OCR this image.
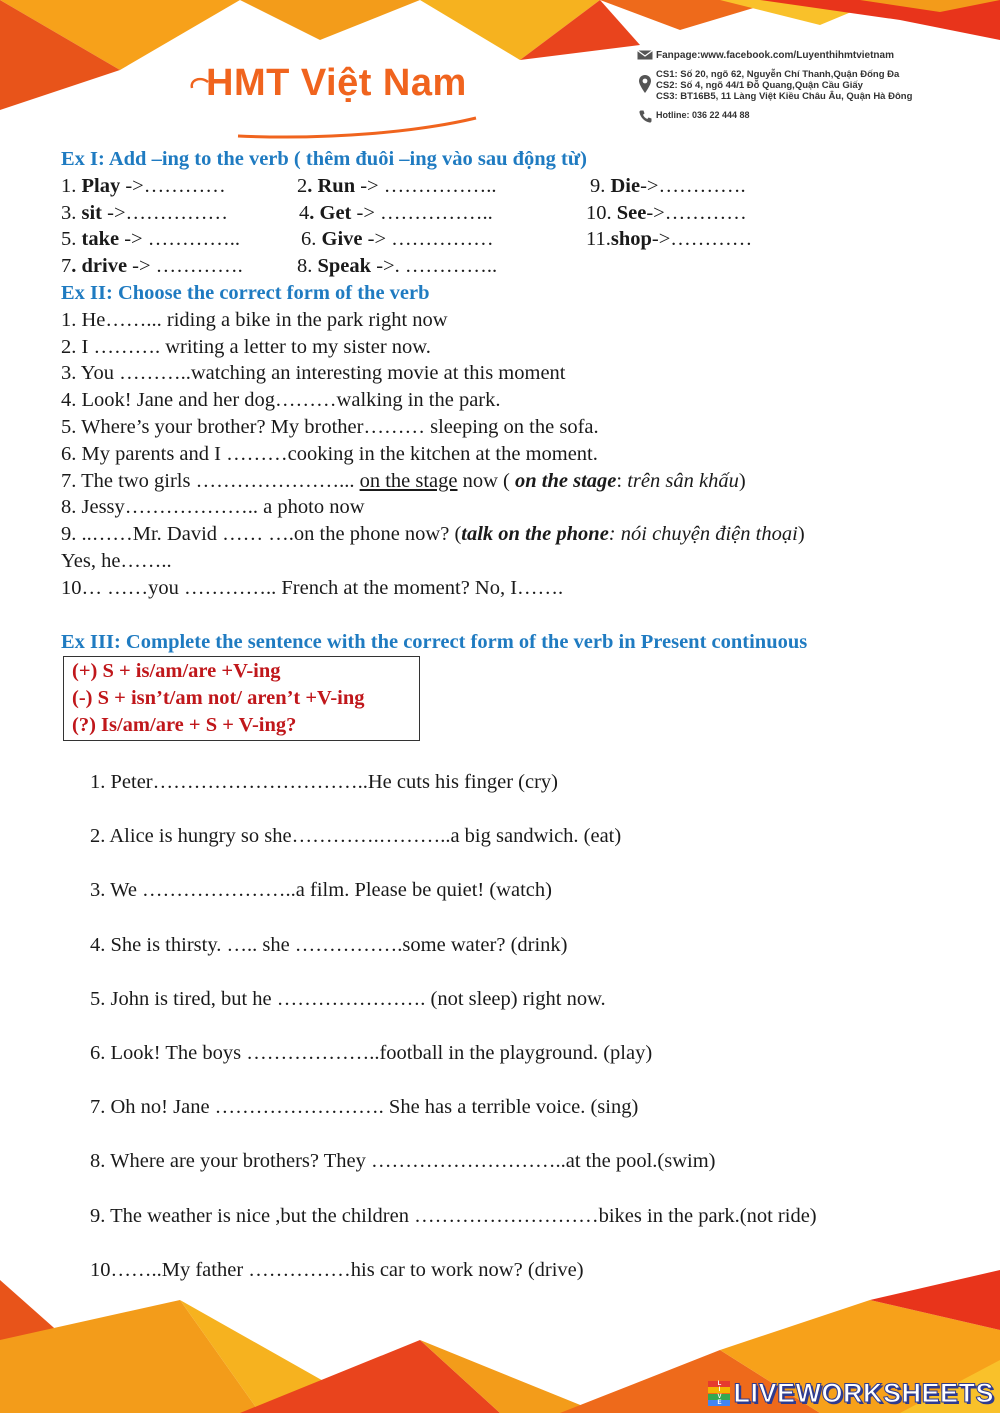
HMT Việt Nam
Fanpage:www.facebook.com/Luyenthihmtvietnam
CS1: Số 20, ngõ 62, Nguyễn Chí Thanh,Quận Đống Đa
CS2: Số 4, ngõ 44/1 Đỗ Quang,Quận Cầu Giấy
CS3: BT16B5, 11 Làng Việt Kiều Châu Âu, Quận Hà Đông
Hotline: 036 22 444 88
Ex I: Add –ing to the verb ( thêm đuôi –ing vào sau động từ)
1. Play ->…………	2. Run -> ……………..	9. Die->………….
3. sit ->……………	4. Get -> ……………..	10. See->…………
5. take -> …………..	6. Give -> ……………	11.shop->…………
7. drive -> ………….	8. Speak ->. …………..
Ex II: Choose the correct form of the verb
1. He……... riding a bike in the park right now
2. I ………. writing a letter to my sister now.
3. You ………..watching an interesting movie at this moment
4. Look! Jane and her dog………walking in the park.
5. Where’s your brother? My brother……… sleeping on the sofa.
6. My parents and I ………cooking in the kitchen at the moment.
7. The two girls …………………... on the stage now ( on the stage: trên sân khấu)
8. Jessy……………….. a photo now
9. ..……Mr. David …… ….on the phone now? (talk on the phone: nói chuyện điện thoại)
Yes, he……..
10… ……you ………….. French at the moment? No, I…….
Ex III: Complete the sentence with the correct form of the verb in Present continuous
(+) S + is/am/are +V-ing
(-) S + isn’t/am not/ aren’t +V-ing
(?) Is/am/are + S + V-ing?
1. Peter…………………………..He cuts his finger (cry)
2. Alice is hungry so she………….………..a big sandwich. (eat)
3. We …………………..a film. Please be quiet! (watch)
4. She is thirsty. ….. she …………….some water? (drink)
5. John is tired, but he …………………. (not sleep) right now.
6. Look! The boys ………………..football in the playground. (play)
7. Oh no! Jane ……………………. She has a terrible voice. (sing)
8. Where are your brothers? They ………………………..at the pool.(swim)
9. The weather is nice ,but the children ………………………bikes in the park.(not ride)
10……..My father ……………his car to work now? (drive)
L
I
V
E LIVEWORKSHEETS
